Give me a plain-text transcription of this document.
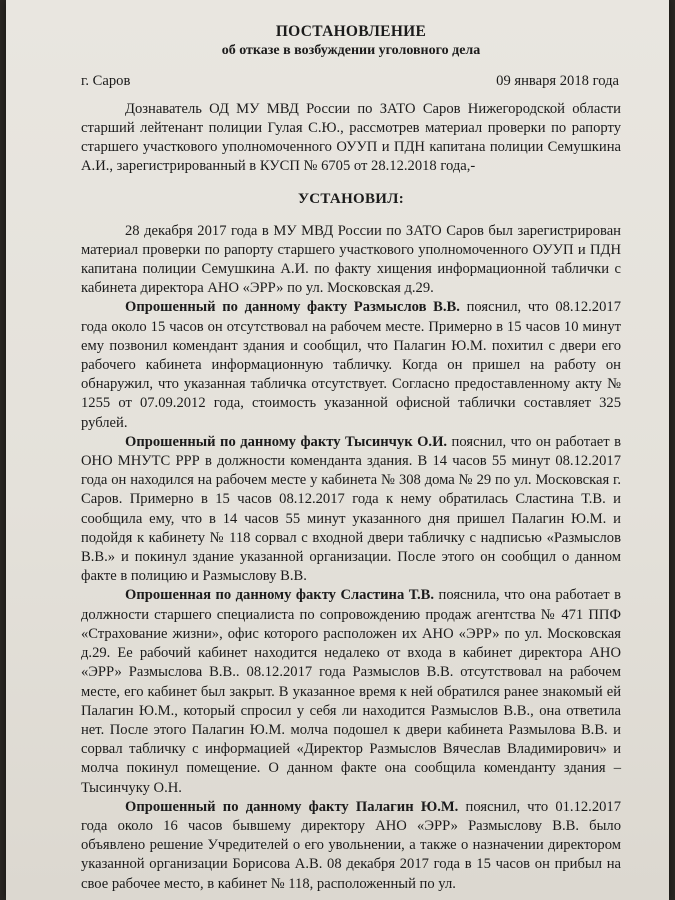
ПОСТАНОВЛЕНИЕ
об отказе в возбуждении уголовного дела
г. Саров	09 января 2018 года

Дознаватель ОД МУ МВД России по ЗАТО Саров Нижегородской области старший лейтенант полиции Гулая С.Ю., рассмотрев материал проверки по рапорту старшего участкового уполномоченного ОУУП и ПДН капитана полиции Семушкина А.И., зарегистрированный в КУСП № 6705 от 28.12.2018 года,-

УСТАНОВИЛ:

28 декабря 2017 года в МУ МВД России по ЗАТО Саров был зарегистрирован материал проверки по рапорту старшего участкового уполномоченного ОУУП и ПДН капитана полиции Семушкина А.И. по факту хищения информационной таблички с кабинета директора АНО «ЭРР» по ул. Московская д.29.

Опрошенный по данному факту Размыслов В.В. пояснил, что 08.12.2017 года около 15 часов он отсутствовал на рабочем месте. Примерно в 15 часов 10 минут ему позвонил комендант здания и сообщил, что Палагин Ю.М. похитил с двери его рабочего кабинета информационную табличку. Когда он пришел на работу он обнаружил, что указанная табличка отсутствует. Согласно предоставленному акту № 1255 от 07.09.2012 года, стоимость указанной офисной таблички составляет 325 рублей.

Опрошенный по данному факту Тысинчук О.И. пояснил, что он работает в ОНО МНУТС РРР в должности коменданта здания. В 14 часов 55 минут 08.12.2017 года он находился на рабочем месте у кабинета № 308 дома № 29 по ул. Московская г. Саров. Примерно в 15 часов 08.12.2017 года к нему обратилась Сластина Т.В. и сообщила ему, что в 14 часов 55 минут указанного дня пришел Палагин Ю.М. и подойдя к кабинету № 118 сорвал с входной двери табличку с надписью «Размыслов В.В.» и покинул здание указанной организации. После этого он сообщил о данном факте в полицию и Размыслову В.В.

Опрошенная по данному факту Сластина Т.В. пояснила, что она работает в должности старшего специалиста по сопровождению продаж агентства № 471 ППФ «Страхование жизни», офис которого расположен их АНО «ЭРР» по ул. Московская д.29. Ее рабочий кабинет находится недалеко от входа в кабинет директора АНО «ЭРР» Размыслова В.В.. 08.12.2017 года Размыслов В.В. отсутствовал на рабочем месте, его кабинет был закрыт. В указанное время к ней обратился ранее знакомый ей Палагин Ю.М., который спросил у себя ли находится Размыслов В.В., она ответила нет. После этого Палагин Ю.М. молча подошел к двери кабинета Размылова В.В. и сорвал табличку с информацией «Директор Размыслов Вячеслав Владимирович» и молча покинул помещение. О данном факте она сообщила коменданту здания –Тысинчуку О.Н.

Опрошенный по данному факту Палагин Ю.М. пояснил, что 01.12.2017 года около 16 часов бывшему директору АНО «ЭРР» Размыслову В.В. было объявлено решение Учредителей о его увольнении, а также о назначении директором указанной организации Борисова А.В. 08 декабря 2017 года в 15 часов он прибыл на свое рабочее место, в кабинет № 118, расположенный по ул.
